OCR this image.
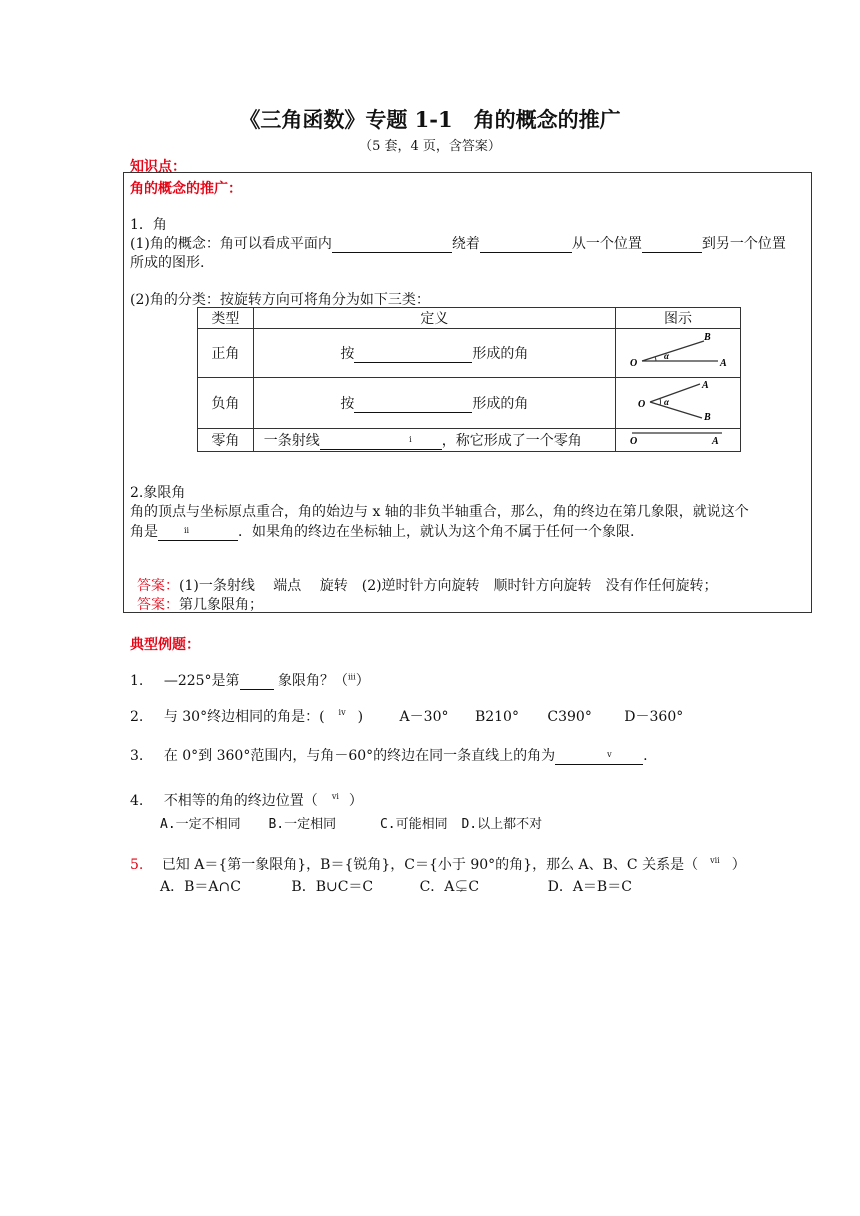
《三角函数》专题 1-1　角的概念的推广
（5 套，4 页，含答案）
知识点：
角的概念的推广：
1．角
(1)角的概念：角可以看成平面内	绕着	从一个位置	到另一个位置
所成的图形.
(2)角的分类：按旋转方向可将角分为如下三类：
类型	定义	图示
正角	按 形成的角	O A
B
α

负角	按 形成的角	O
A
B
α

零角	一条射线 $^i$ ，称它形成了一个零角	O A
2.象限角
角的顶点与坐标原点重合，角的始边与 x 轴的非负半轴重合，那么，角的终边在第几象限，就说这个
角是	$^{ii}$	．如果角的终边在坐标轴上，就认为这个角不属于任何一个象限.
答案：(1)一条射线　 端点　 旋转　(2)逆时针方向旋转　顺时针方向旋转　没有作任何旋转；
答案：第几象限角；
典型例题：
1. —225°是第 象限角？（$^{iii}$）
2. 与 30°终边相同的角是：( $^{iv}$ )	A－30° B210° C390° D－360°
3. 在 0°到 360°范围内，与角－60°的终边在同一条直线上的角为	$^v$ .
4. 不相等的角的终边位置（ $^{vi}$ ）
A.一定不相同 B.一定相同	C.可能相同 D.以上都不对
5. 已知 A＝{第一象限角}，B＝{锐角}，C＝{小于 90°的角}，那么 A、B、C 关系是（ $^{vii}$ ）
A．B＝A∩C	B．B∪C＝C	C．A⊊C	D．A＝B＝C
